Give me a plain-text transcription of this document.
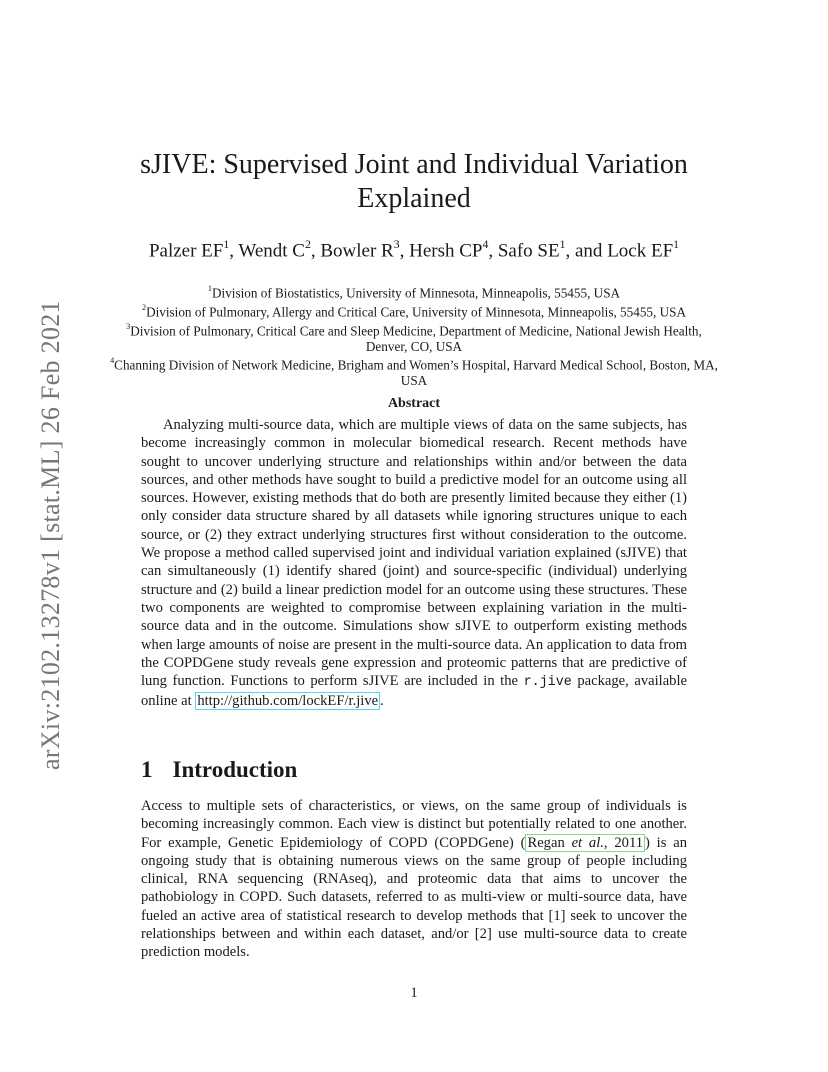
arXiv:2102.13278v1 [stat.ML] 26 Feb 2021
sJIVE: Supervised Joint and Individual Variation
Explained
Palzer $EF^1$, Wendt $C^2$, Bowler $R^3$, Hersh $CP^4$, Safo $SE^1$, and Lock $EF^1$

$^1$Division of Biostatistics, University of Minnesota, Minneapolis, 55455, USA

$^2$Division of Pulmonary, Allergy and Critical Care, University of Minnesota, Minneapolis, 55455, USA

$^3$Division of Pulmonary, Critical Care and Sleep Medicine, Department of Medicine, National Jewish Health, Denver, CO, USA

$^4$Channing Division of Network Medicine, Brigham and Women’s Hospital, Harvard Medical School, Boston, MA, USA

Abstract

Analyzing multi-source data, which are multiple views of data on the same subjects, has become increasingly common in molecular biomedical research. Recent methods have sought to uncover underlying structure and relationships within and/or between the data sources, and other methods have sought to build a predictive model for an outcome using all sources. However, existing methods that do both are presently limited because they either (1) only consider data structure shared by all datasets while ignoring structures unique to each source, or (2) they extract underlying structures first without consideration to the outcome. We propose a method called supervised joint and individual variation explained (sJIVE) that can simultaneously (1) identify shared (joint) and source-specific (individual) underlying structure and (2) build a linear prediction model for an outcome using these structures. These two components are weighted to compromise between explaining variation in the multi-source data and in the outcome. Simulations show sJIVE to outperform existing methods when large amounts of noise are present in the multi-source data. An application to data from the COPDGene study reveals gene expression and proteomic patterns that are predictive of lung function. Functions to perform sJIVE are included in the r.jive package, available online at http://github.com/lockEF/r.jive .

1 Introduction

Access to multiple sets of characteristics, or views, on the same group of individuals is becoming increasingly common. Each view is distinct but potentially related to one another. For example, Genetic Epidemiology of COPD (COPDGene) ( Regan et al., 2011 ) is an ongoing study that is obtaining numerous views on the same group of people including clinical, RNA sequencing (RNAseq), and proteomic data that aims to uncover the pathobiology in COPD. Such datasets, referred to as multi-view or multi-source data, have fueled an active area of statistical research to develop methods that [1] seek to uncover the relationships between and within each dataset, and/or [2] use multi-source data to create prediction models.

1
